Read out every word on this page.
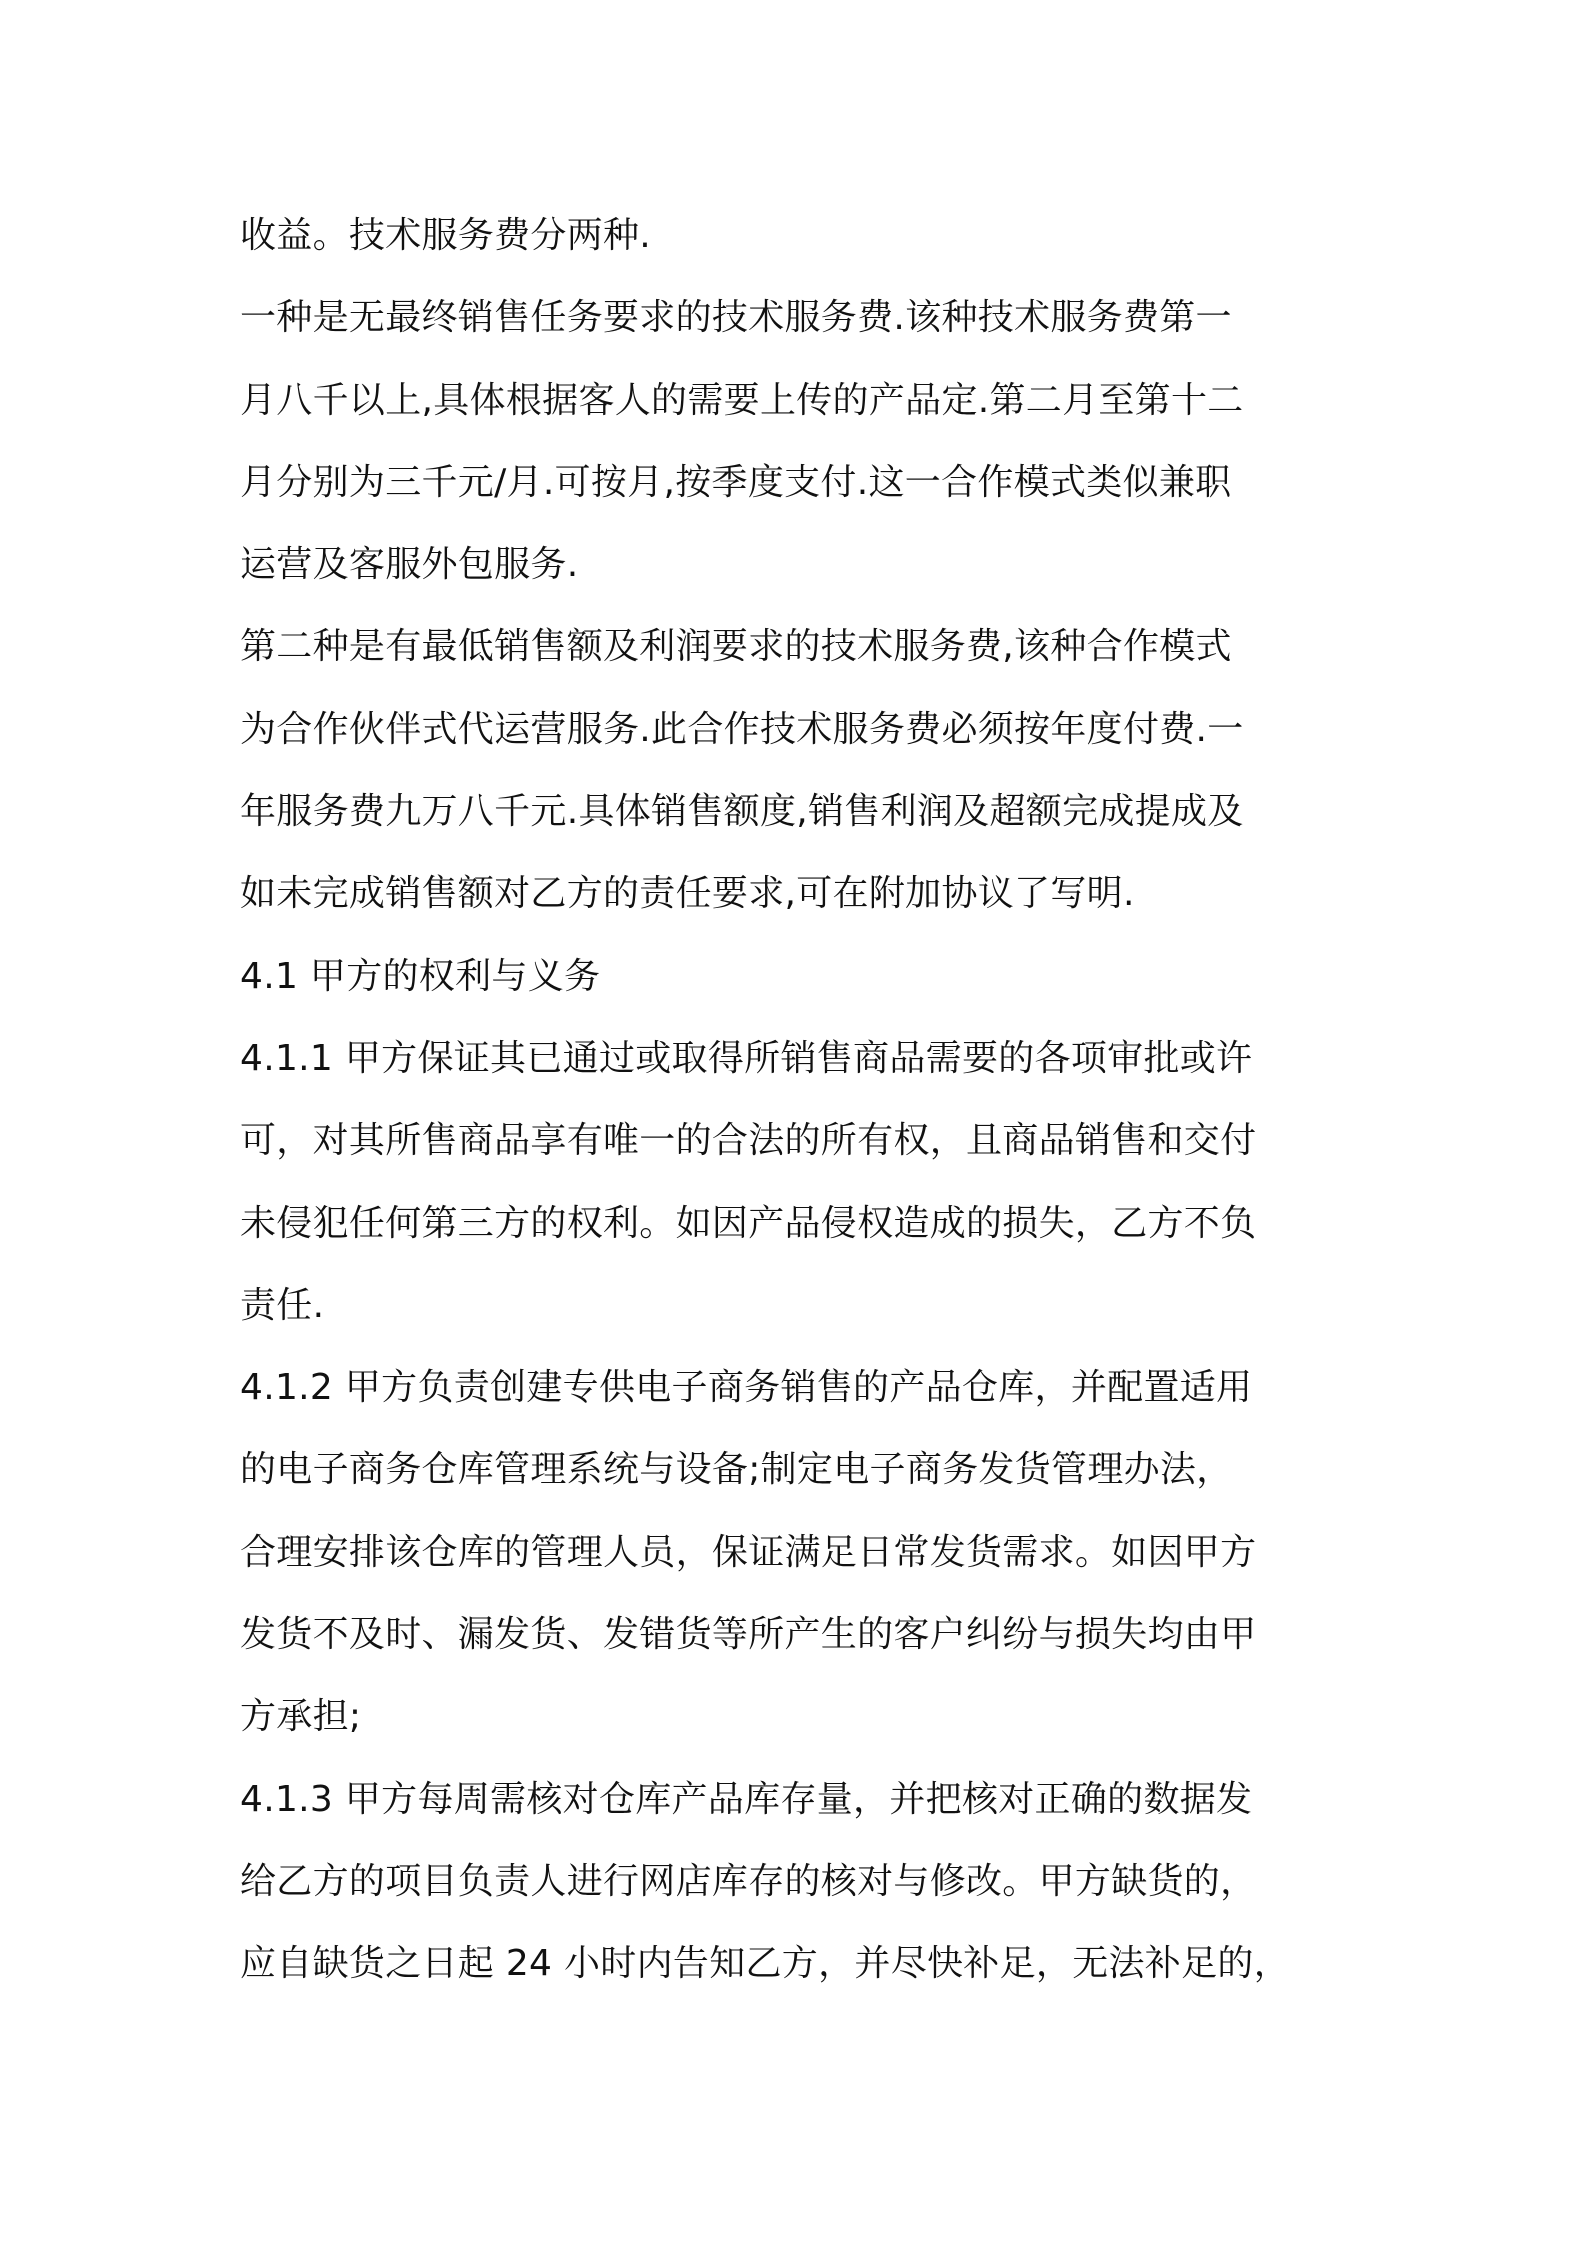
收益。技术服务费分两种.
一种是无最终销售任务要求的技术服务费.该种技术服务费第一
月八千以上,具体根据客人的需要上传的产品定.第二月至第十二
月分别为三千元/月.可按月,按季度支付.这一合作模式类似兼职
运营及客服外包服务.
第二种是有最低销售额及利润要求的技术服务费,该种合作模式
为合作伙伴式代运营服务.此合作技术服务费必须按年度付费.一
年服务费九万八千元.具体销售额度,销售利润及超额完成提成及
如未完成销售额对乙方的责任要求,可在附加协议了写明.
4.1 甲方的权利与义务
4.1.1 甲方保证其已通过或取得所销售商品需要的各项审批或许
可，对其所售商品享有唯一的合法的所有权，且商品销售和交付
未侵犯任何第三方的权利。如因产品侵权造成的损失，乙方不负
责任.
4.1.2 甲方负责创建专供电子商务销售的产品仓库，并配置适用
的电子商务仓库管理系统与设备;制定电子商务发货管理办法，
合理安排该仓库的管理人员，保证满足日常发货需求。如因甲方
发货不及时、漏发货、发错货等所产生的客户纠纷与损失均由甲
方承担;
4.1.3 甲方每周需核对仓库产品库存量，并把核对正确的数据发
给乙方的项目负责人进行网店库存的核对与修改。甲方缺货的，
应自缺货之日起 24 小时内告知乙方，并尽快补足，无法补足的，
